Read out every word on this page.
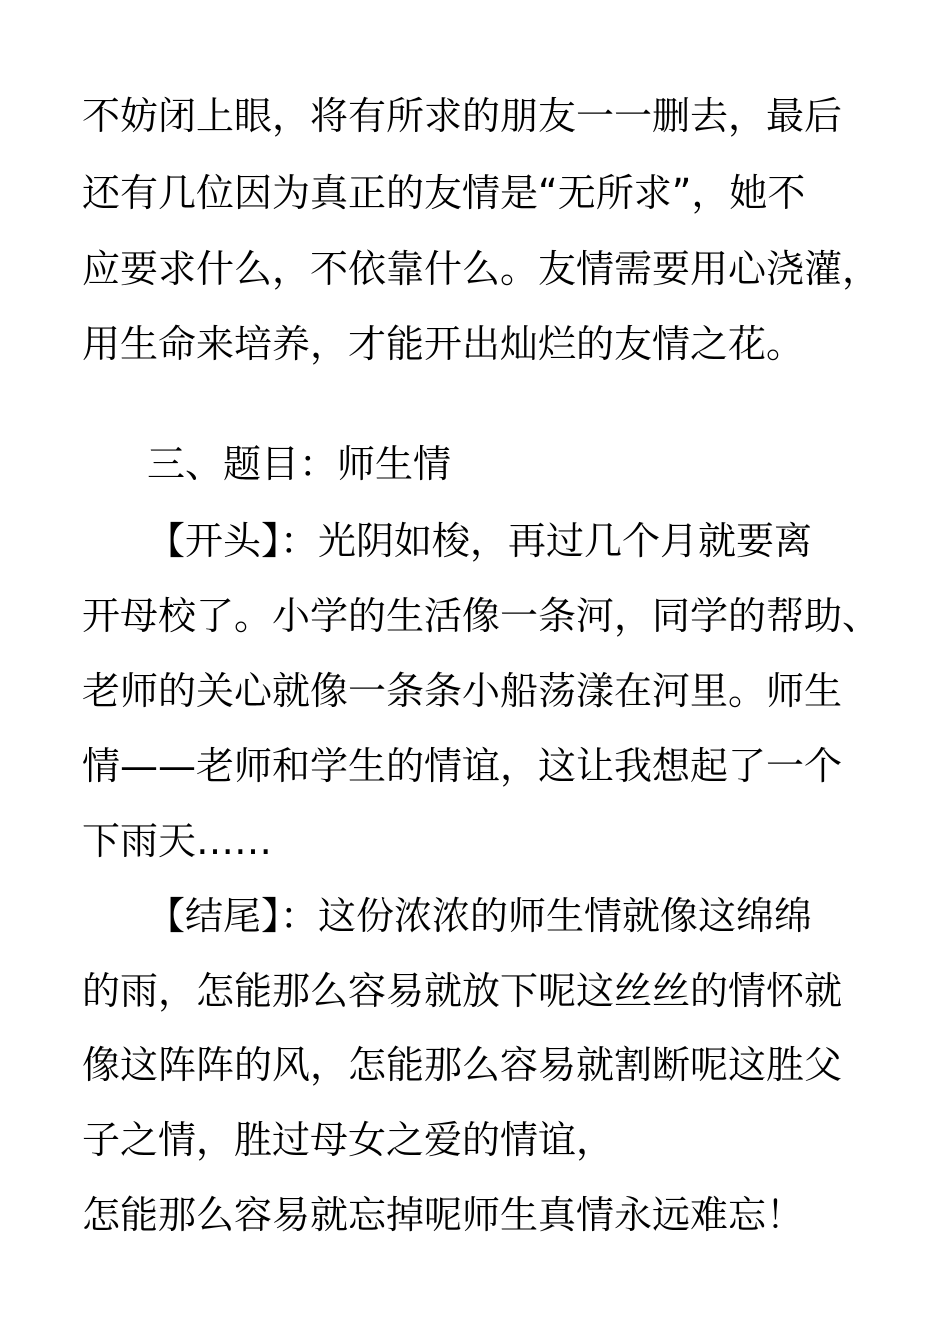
不妨闭上眼，将有所求的朋友一一删去，最后
还有几位因为真正的友情是“无所求”，她不
应要求什么，不依靠什么。友情需要用心浇灌，
用生命来培养，才能开出灿烂的友情之花。
三、题目：师生情
【开头】：光阴如梭，再过几个月就要离
开母校了。小学的生活像一条河，同学的帮助、
老师的关心就像一条条小船荡漾在河里。师生
情——老师和学生的情谊，这让我想起了一个
下雨天……
【结尾】：这份浓浓的师生情就像这绵绵
的雨，怎能那么容易就放下呢这丝丝的情怀就
像这阵阵的风，怎能那么容易就割断呢这胜父
子之情，胜过母女之爱的情谊，
怎能那么容易就忘掉呢师生真情永远难忘！
